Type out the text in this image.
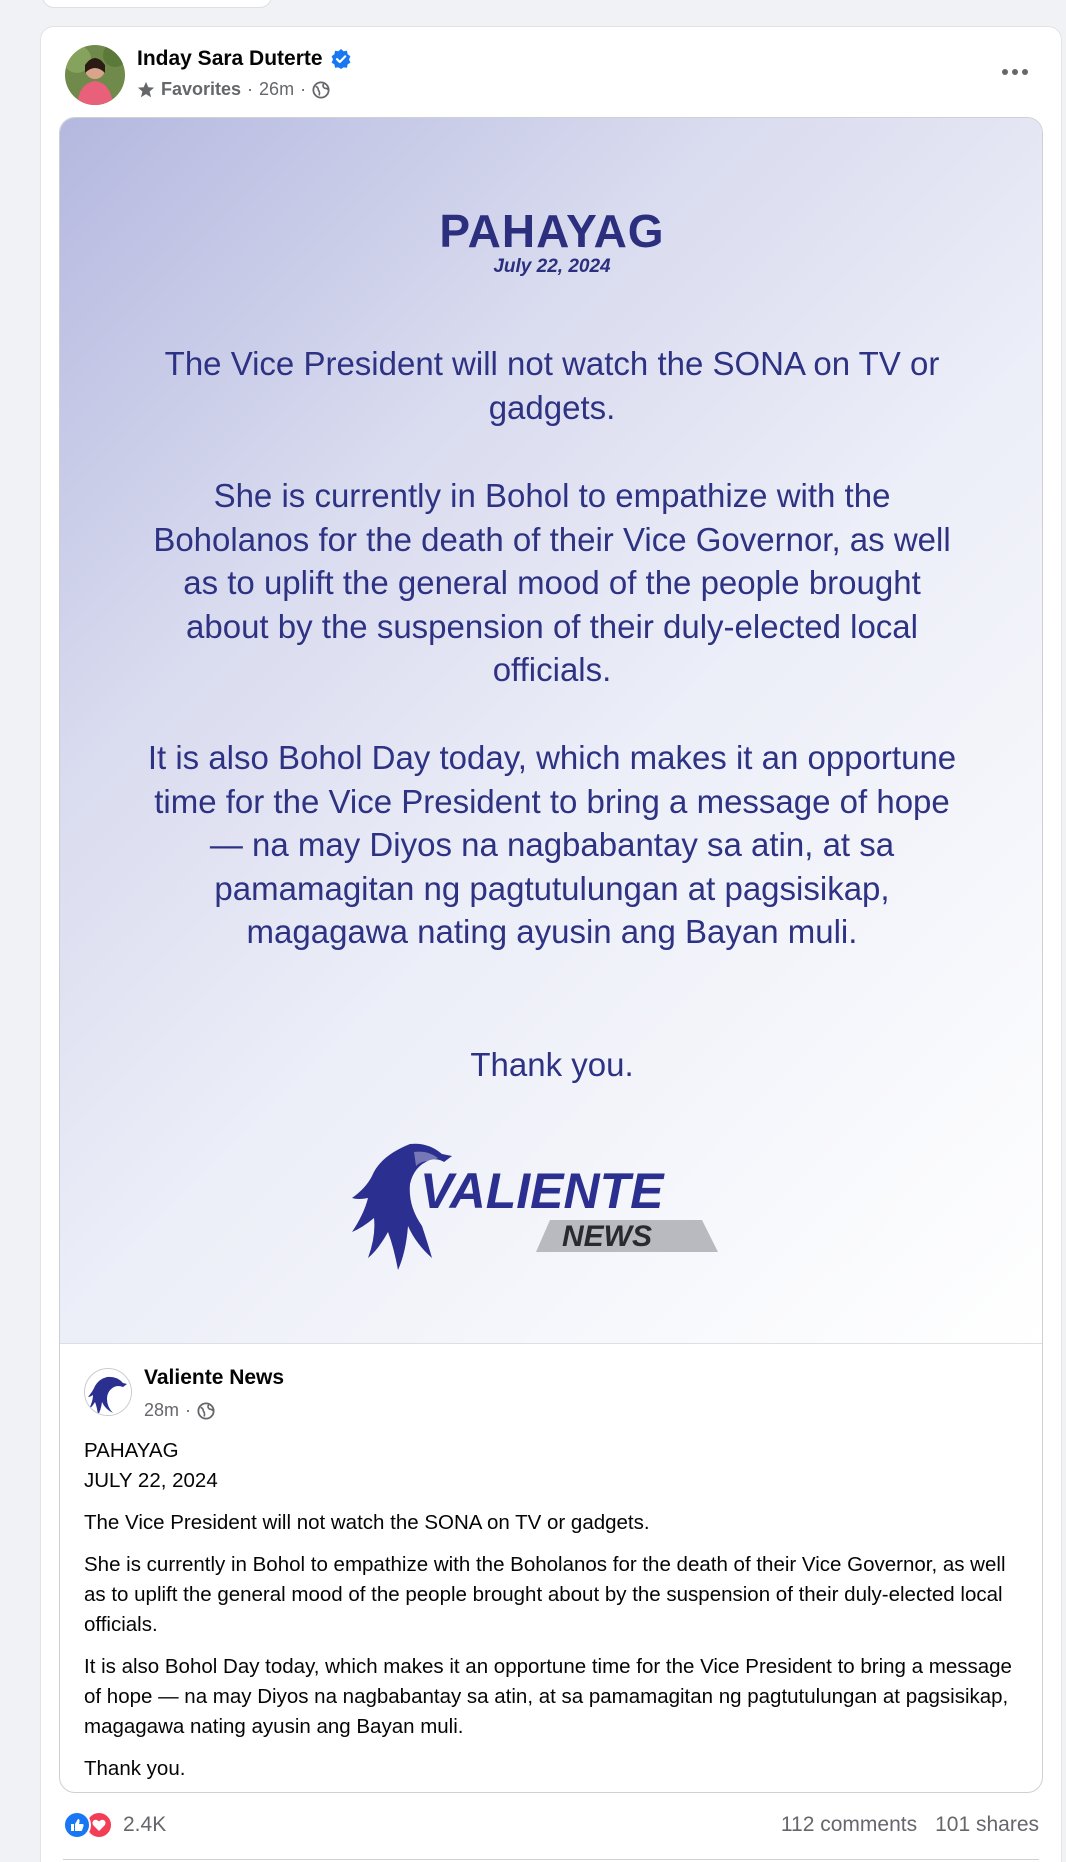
Inday Sara Duterte
Favorites · 26m ·
PAHAYAG
July 22, 2024
The Vice President will not watch the SONA on TV or gadgets.
She is currently in Bohol to empathize with the Boholanos for the death of their Vice Governor, as well as to uplift the general mood of the people brought about by the suspension of their duly-elected local officials.
It is also Bohol Day today, which makes it an opportune time for the Vice President to bring a message of hope — na may Diyos na nagbabantay sa atin, at sa pamamagitan ng pagtutulungan at pagsisikap, magagawa nating ayusin ang Bayan muli.
Thank you.
VALIENTE
NEWS
Valiente News
28m ·
PAHAYAG
JULY 22, 2024
The Vice President will not watch the SONA on TV or gadgets.
She is currently in Bohol to empathize with the Boholanos for the death of their Vice Governor, as well as to uplift the general mood of the people brought about by the suspension of their duly-elected local officials.
It is also Bohol Day today, which makes it an opportune time for the Vice President to bring a message of hope — na may Diyos na nagbabantay sa atin, at sa pamamagitan ng pagtutulungan at pagsisikap, magagawa nating ayusin ang Bayan muli.
Thank you.
2.4K	112 comments 101 shares
